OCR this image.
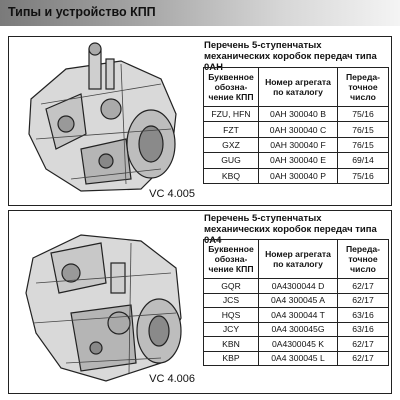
Типы и устройство КПП
VC 4.005
Перечень 5-ступенчатых механических коробок передач типа 0АН
Буквенное обозна-чение КПП	Номер агрегата по каталогу	Переда-точное число
FZU, HFN	0AH 300040 B	75/16
FZT	0AH 300040 C	76/15
GXZ	0AH 300040 F	76/15
GUG	0AH 300040 E	69/14
KBQ	0AH 300040 P	75/16
VC 4.006
Перечень 5-ступенчатых механических коробок передач типа 0А4
Буквенное обозна-чение КПП	Номер агрегата по каталогу	Переда-точное число
GQR	0A4300044 D	62/17
JCS	0A4 300045 A	62/17
HQS	0A4 300044 T	63/16
JCY	0A4 300045G	63/16
KBN	0A4300045 K	62/17
KBP	0A4 300045 L	62/17
